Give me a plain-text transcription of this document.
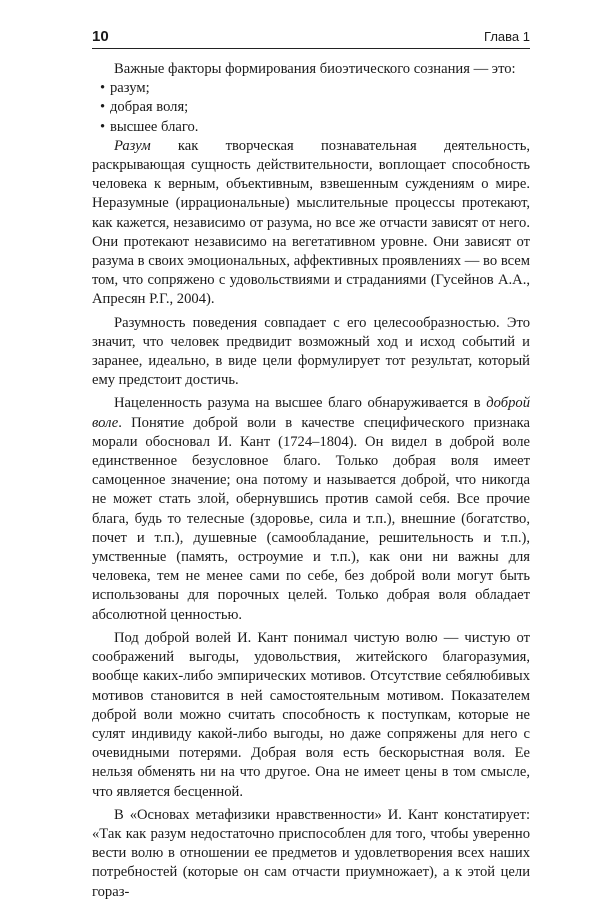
10	Глава 1

Важные факторы формирования биоэтического сознания — это:

• разум;
• добрая воля;
• высшее благо.

Разум как творческая познавательная деятельность, раскрывающая сущность действительности, воплощает способность человека к верным, объективным, взвешенным суждениям о мире. Неразумные (иррациональные) мыслительные процессы протекают, как кажется, независимо от разума, но все же отчасти зависят от него. Они протекают независимо на вегетативном уровне. Они зависят от разума в своих эмоциональных, аффективных проявлениях — во всем том, что сопряжено с удовольствиями и страданиями (Гусейнов А.А., Апресян Р.Г., 2004).

Разумность поведения совпадает с его целесообразностью. Это значит, что человек предвидит возможный ход и исход событий и заранее, идеально, в виде цели формулирует тот результат, который ему предстоит достичь.

Нацеленность разума на высшее благо обнаруживается в доброй воле. Понятие доброй воли в качестве специфического признака морали обосновал И. Кант (1724–1804). Он видел в доброй воле единственное безусловное благо. Только добрая воля имеет самоценное значение; она потому и называется доброй, что никогда не может стать злой, обернувшись против самой себя. Все прочие блага, будь то телесные (здоровье, сила и т.п.), внешние (богатство, почет и т.п.), душевные (самообладание, решительность и т.п.), умственные (память, остроумие и т.п.), как они ни важны для человека, тем не менее сами по себе, без доброй воли могут быть использованы для порочных целей. Только добрая воля обладает абсолютной ценностью.

Под доброй волей И. Кант понимал чистую волю — чистую от соображений выгоды, удовольствия, житейского благоразумия, вообще каких-либо эмпирических мотивов. Отсутствие себялюбивых мотивов становится в ней самостоятельным мотивом. Показателем доброй воли можно считать способность к поступкам, которые не сулят индивиду какой-либо выгоды, но даже сопряжены для него с очевидными потерями. Добрая воля есть бескорыстная воля. Ее нельзя обменять ни на что другое. Она не имеет цены в том смысле, что является бесценной.

В «Основах метафизики нравственности» И. Кант констатирует: «Так как разум недостаточно приспособлен для того, чтобы уверенно вести волю в отношении ее предметов и удовлетворения всех наших потребностей (которые он сам отчасти приумножает), а к этой цели гораз-
